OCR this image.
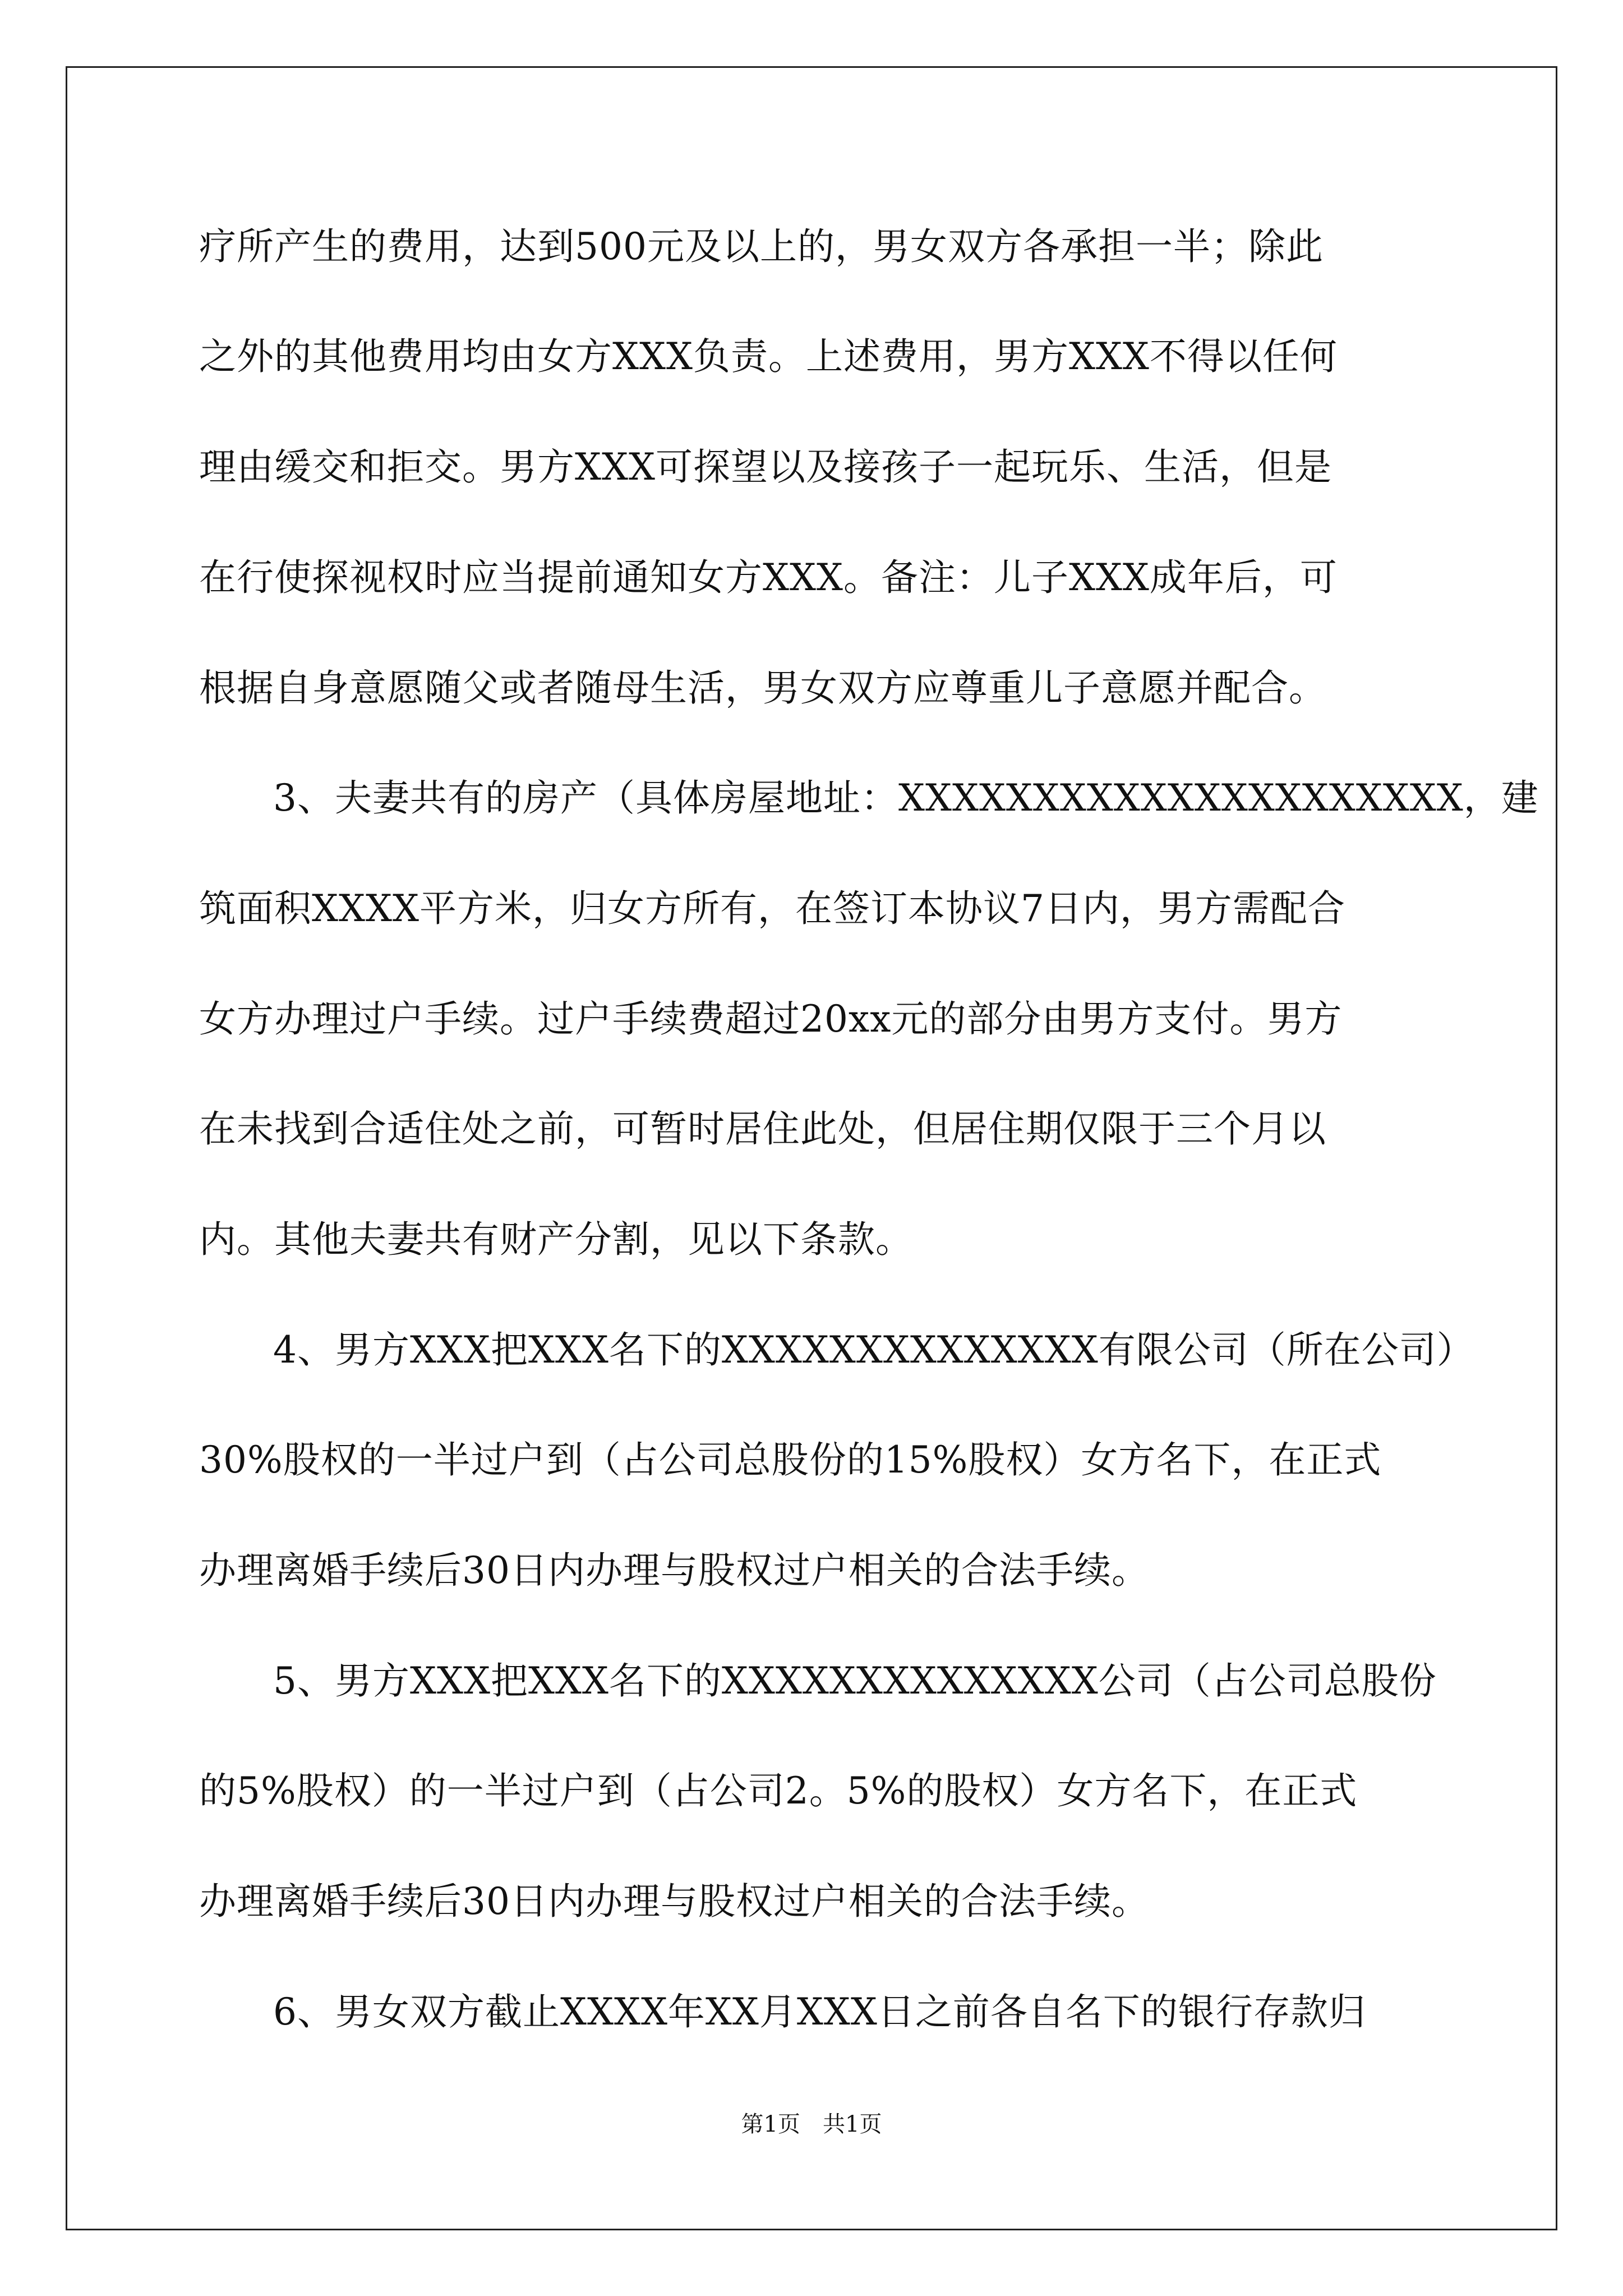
疗所产生的费用，达到500元及以上的，男女双方各承担一半；除此
之外的其他费用均由女方XXX负责。上述费用，男方XXX不得以任何
理由缓交和拒交。男方XXX可探望以及接孩子一起玩乐、生活，但是
在行使探视权时应当提前通知女方XXX。备注：儿子XXX成年后，可
根据自身意愿随父或者随母生活，男女双方应尊重儿子意愿并配合。
3、夫妻共有的房产（具体房屋地址：XXXXXXXXXXXXXXXXXXXXX，建
筑面积XXXX平方米，归女方所有，在签订本协议7日内，男方需配合
女方办理过户手续。过户手续费超过20xx元的部分由男方支付。男方
在未找到合适住处之前，可暂时居住此处，但居住期仅限于三个月以
内。其他夫妻共有财产分割，见以下条款。
4、男方XXX把XXX名下的XXXXXXXXXXXXXX有限公司（所在公司）
30%股权的一半过户到（占公司总股份的15%股权）女方名下，在正式
办理离婚手续后30日内办理与股权过户相关的合法手续。
5、男方XXX把XXX名下的XXXXXXXXXXXXXX公司（占公司总股份
的5%股权）的一半过户到（占公司2。5%的股权）女方名下，在正式
办理离婚手续后30日内办理与股权过户相关的合法手续。
6、男女双方截止XXXX年XX月XXX日之前各自名下的银行存款归
第1页　共1页
